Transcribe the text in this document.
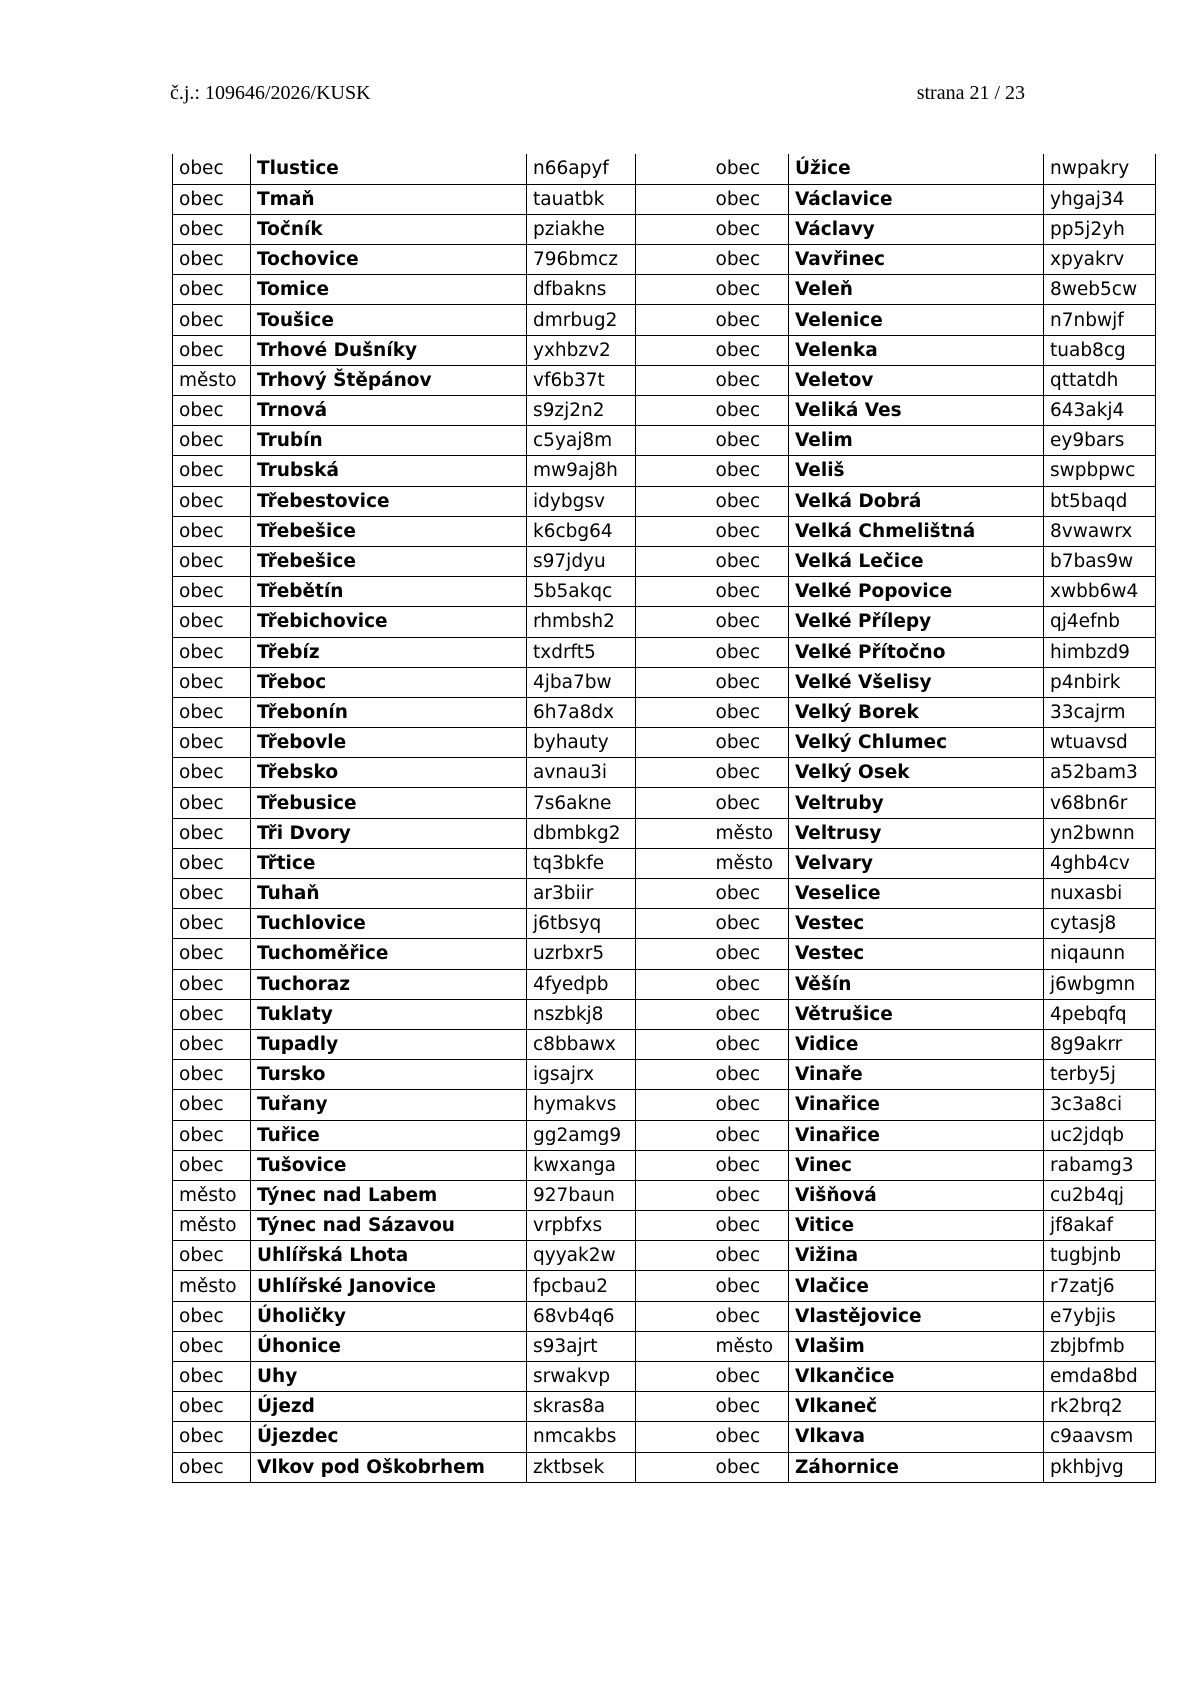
č.j.: 109646/2026/KUSK	strana 21 / 23
obec	Tlustice	n66apyf		obec	Úžice	nwpakry
obec	Tmaň	tauatbk		obec	Václavice	yhgaj34
obec	Točník	pziakhe		obec	Václavy	pp5j2yh
obec	Tochovice	796bmcz		obec	Vavřinec	xpyakrv
obec	Tomice	dfbakns		obec	Veleň	8web5cw
obec	Toušice	dmrbug2		obec	Velenice	n7nbwjf
obec	Trhové Dušníky	yxhbzv2		obec	Velenka	tuab8cg
město	Trhový Štěpánov	vf6b37t		obec	Veletov	qttatdh
obec	Trnová	s9zj2n2		obec	Veliká Ves	643akj4
obec	Trubín	c5yaj8m		obec	Velim	ey9bars
obec	Trubská	mw9aj8h		obec	Veliš	swpbpwc
obec	Třebestovice	idybgsv		obec	Velká Dobrá	bt5baqd
obec	Třebešice	k6cbg64		obec	Velká Chmelištná	8vwawrx
obec	Třebešice	s97jdyu		obec	Velká Lečice	b7bas9w
obec	Třebětín	5b5akqc		obec	Velké Popovice	xwbb6w4
obec	Třebichovice	rhmbsh2		obec	Velké Přílepy	qj4efnb
obec	Třebíz	txdrft5		obec	Velké Přítočno	himbzd9
obec	Třeboc	4jba7bw		obec	Velké Všelisy	p4nbirk
obec	Třebonín	6h7a8dx		obec	Velký Borek	33cajrm
obec	Třebovle	byhauty		obec	Velký Chlumec	wtuavsd
obec	Třebsko	avnau3i		obec	Velký Osek	a52bam3
obec	Třebusice	7s6akne		obec	Veltruby	v68bn6r
obec	Tři Dvory	dbmbkg2		město	Veltrusy	yn2bwnn
obec	Třtice	tq3bkfe		město	Velvary	4ghb4cv
obec	Tuhaň	ar3biir		obec	Veselice	nuxasbi
obec	Tuchlovice	j6tbsyq		obec	Vestec	cytasj8
obec	Tuchoměřice	uzrbxr5		obec	Vestec	niqaunn
obec	Tuchoraz	4fyedpb		obec	Věšín	j6wbgmn
obec	Tuklaty	nszbkj8		obec	Větrušice	4pebqfq
obec	Tupadly	c8bbawx		obec	Vidice	8g9akrr
obec	Tursko	igsajrx		obec	Vinaře	terby5j
obec	Tuřany	hymakvs		obec	Vinařice	3c3a8ci
obec	Tuřice	gg2amg9		obec	Vinařice	uc2jdqb
obec	Tušovice	kwxanga		obec	Vinec	rabamg3
město	Týnec nad Labem	927baun		obec	Višňová	cu2b4qj
město	Týnec nad Sázavou	vrpbfxs		obec	Vitice	jf8akaf
obec	Uhlířská Lhota	qyyak2w		obec	Vižina	tugbjnb
město	Uhlířské Janovice	fpcbau2		obec	Vlačice	r7zatj6
obec	Úholičky	68vb4q6		obec	Vlastějovice	e7ybjis
obec	Úhonice	s93ajrt		město	Vlašim	zbjbfmb
obec	Uhy	srwakvp		obec	Vlkančice	emda8bd
obec	Újezd	skras8a		obec	Vlkaneč	rk2brq2
obec	Újezdec	nmcakbs		obec	Vlkava	c9aavsm
obec	Vlkov pod Oškobrhem	zktbsek		obec	Záhornice	pkhbjvg
